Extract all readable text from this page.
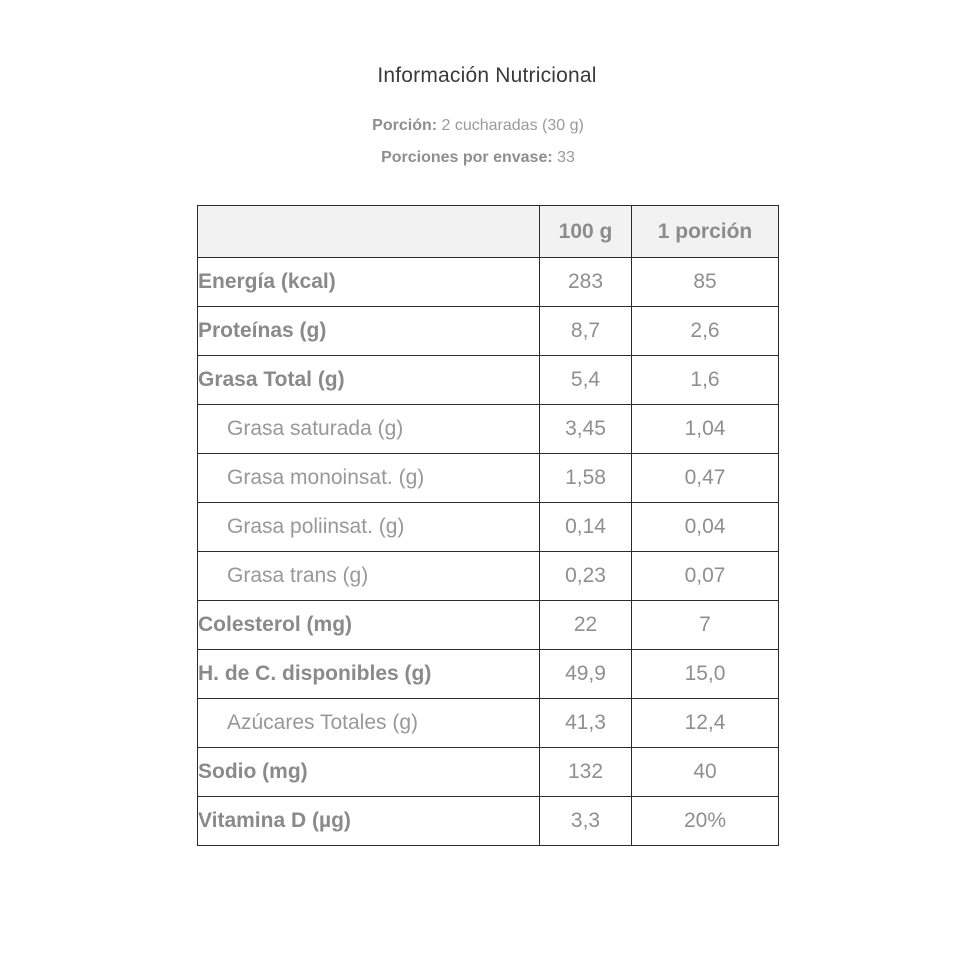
Información Nutricional
Porción: 2 cucharadas (30 g)
Porciones por envase: 33
	100 g	1 porción
Energía (kcal)	283	85
Proteínas (g)	8,7	2,6
Grasa Total (g)	5,4	1,6
Grasa saturada (g)	3,45	1,04
Grasa monoinsat. (g)	1,58	0,47
Grasa poliinsat. (g)	0,14	0,04
Grasa trans (g)	0,23	0,07
Colesterol (mg)	22	7
H. de C. disponibles (g)	49,9	15,0
Azúcares Totales (g)	41,3	12,4
Sodio (mg)	132	40
Vitamina D (µg)	3,3	20%
